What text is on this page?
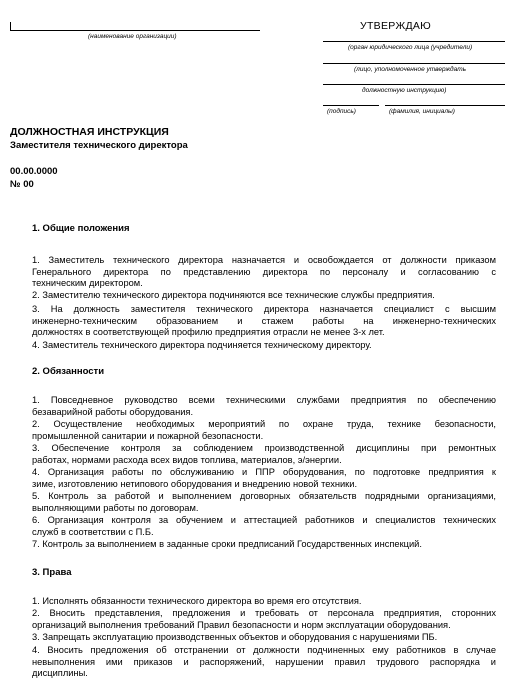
(наименование организации)
УТВЕРЖДАЮ
(орган юридического лица (учредители)
(лицо, уполномоченное утверждать
должностную инструкцию)
(подпись)	(фамилия, инициалы)
ДОЛЖНОСТНАЯ ИНСТРУКЦИЯ
Заместителя технического директора
00.00.0000
№ 00
1. Общие положения
2. Обязанности
3. Права
1. Заместитель технического директора назначается и освобождается от должности приказом
Генерального директора по представлению директора по персоналу и согласованию с
техническим директором.
2. Заместителю технического директора подчиняются все технические службы предприятия.
3. На должность заместителя технического директора назначается специалист с высшим
инженерно-техническим образованием и стажем работы на инженерно-технических
должностях в соответствующей профилю предприятия отрасли не менее 3-х лет.
4. Заместитель технического директора подчиняется техническому директору.
1. Повседневное руководство всеми техническими службами предприятия по обеспечению
безаварийной работы оборудования.
2. Осуществление необходимых мероприятий по охране труда, технике безопасности,
промышленной санитарии и пожарной безопасности.
3. Обеспечение контроля за соблюдением производственной дисциплины при ремонтных
работах, нормами расхода всех видов топлива, материалов, э/энергии.
4. Организация работы по обслуживанию и ППР оборудования, по подготовке предприятия к
зиме, изготовлению нетипового оборудования и внедрению новой техники.
5. Контроль за работой и выполнением договорных обязательств подрядными организациями,
выполняющими работы по договорам.
6. Организация контроля за обучением и аттестацией работников и специалистов технических
служб в соответствии с П.Б.
7. Контроль за выполнением в заданные сроки предписаний Государственных инспекций.
1. Исполнять обязанности технического директора во время его отсутствия.
2. Вносить представления, предложения и требовать от персонала предприятия, сторонних
организаций выполнения требований Правил безопасности и норм эксплуатации оборудования.
3. Запрещать эксплуатацию производственных объектов и оборудования с нарушениями ПБ.
4. Вносить предложения об отстранении от должности подчиненных ему работников в случае
невыполнения ими приказов и распоряжений, нарушении правил трудового распорядка и
дисциплины.
